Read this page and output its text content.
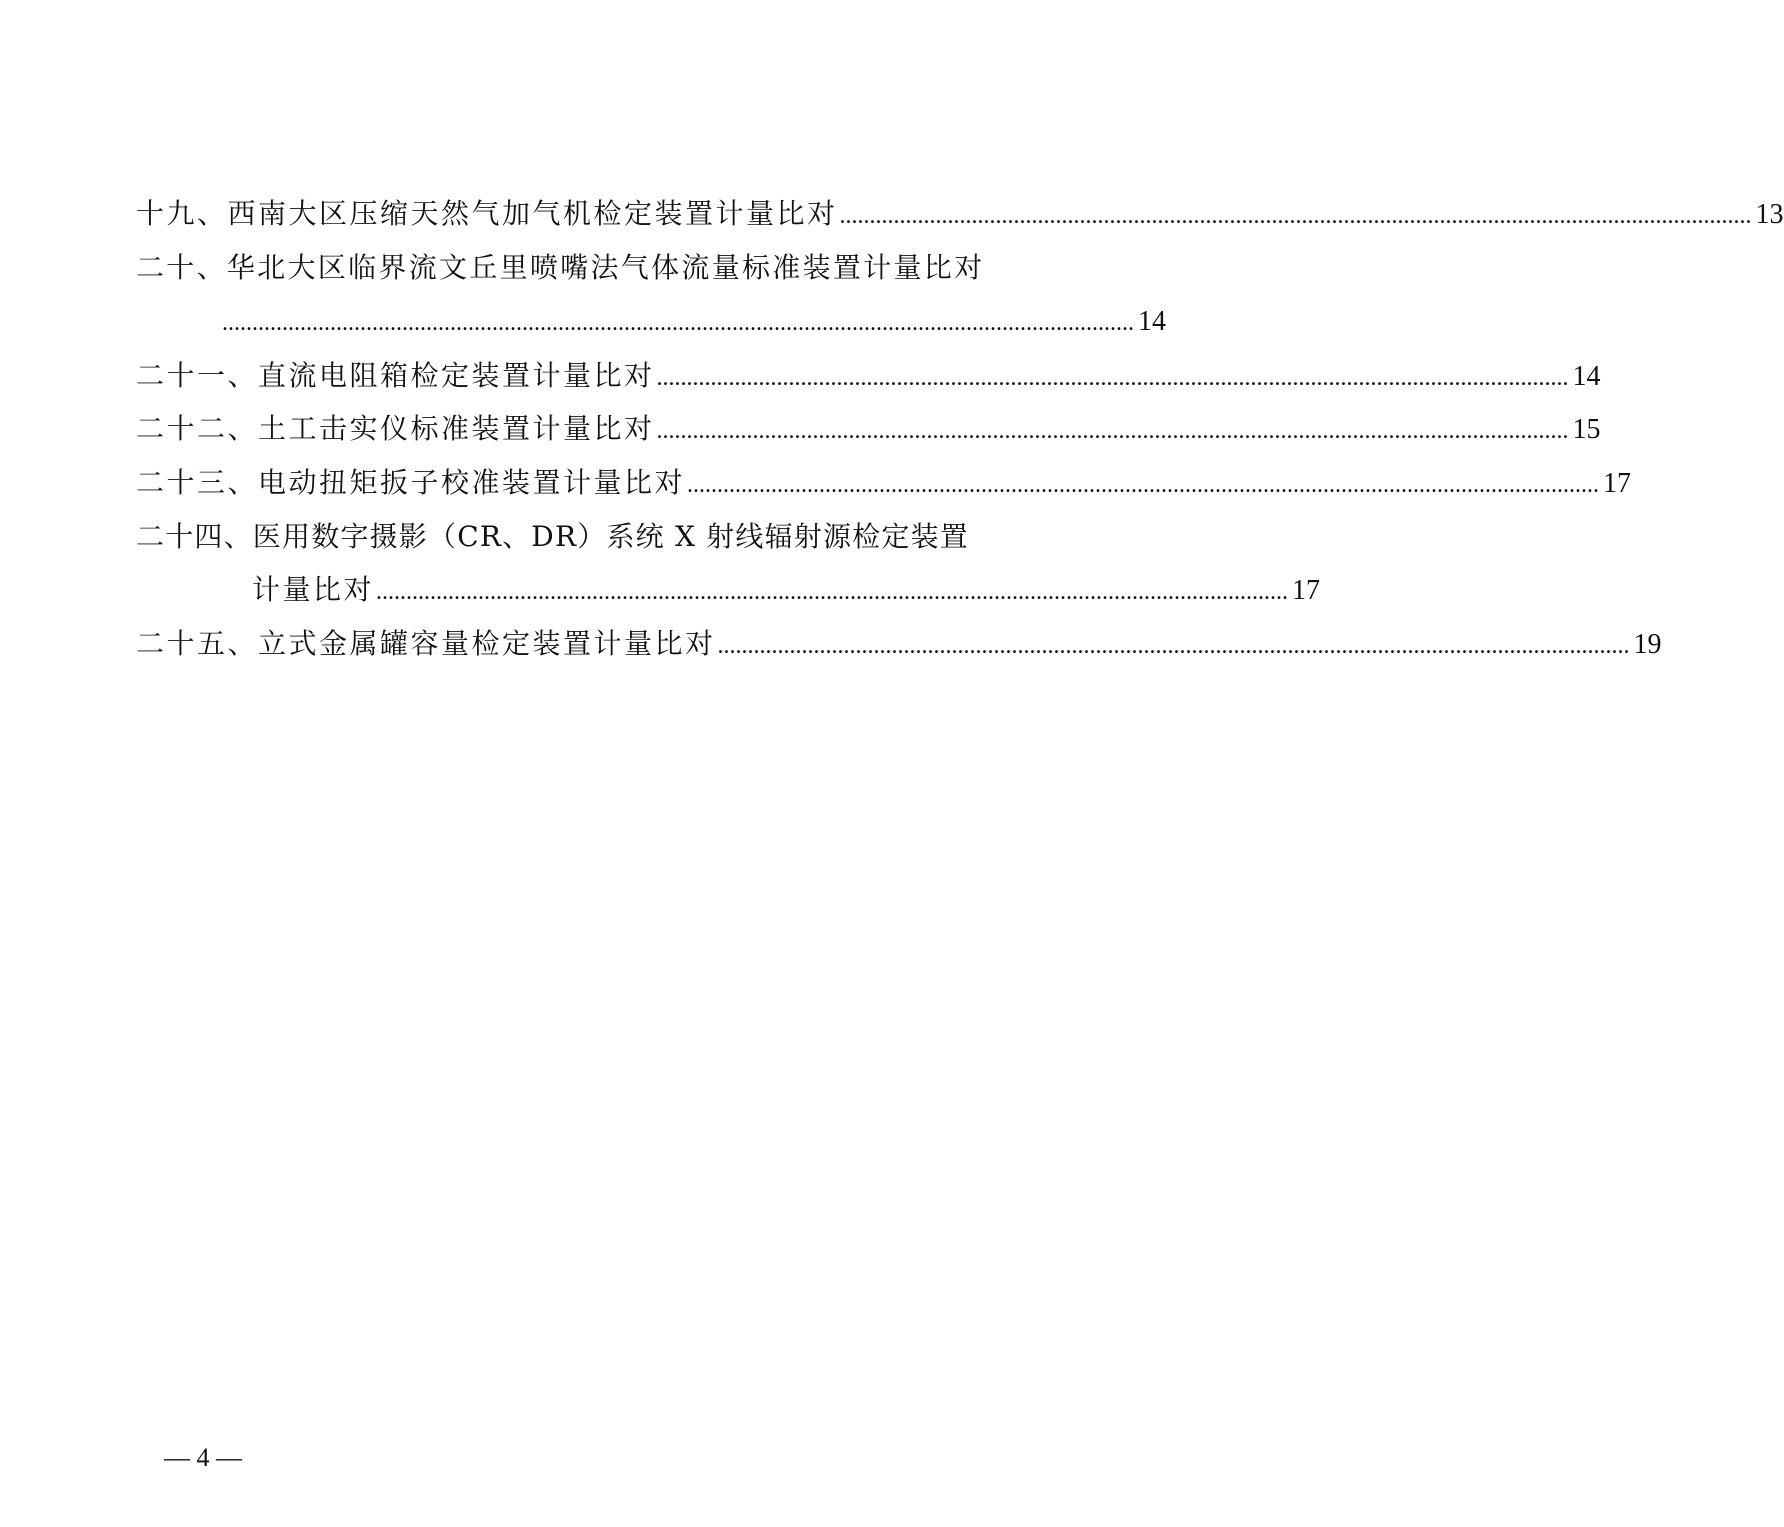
十九、西南大区压缩天然气加气机检定装置计量比对 ........................................................................................................................................................ 13
二十、华北大区临界流文丘里喷嘴法气体流量标准装置计量比对
........................................................................................................................................................ 14
二十一、直流电阻箱检定装置计量比对 ........................................................................................................................................................ 14
二十二、土工击实仪标准装置计量比对 ........................................................................................................................................................ 15
二十三、电动扭矩扳子校准装置计量比对 ........................................................................................................................................................ 17
二十四、医用数字摄影（CR、DR）系统 X 射线辐射源检定装置
计量比对 ........................................................................................................................................................ 17
二十五、立式金属罐容量检定装置计量比对 ........................................................................................................................................................ 19
— 4 —
